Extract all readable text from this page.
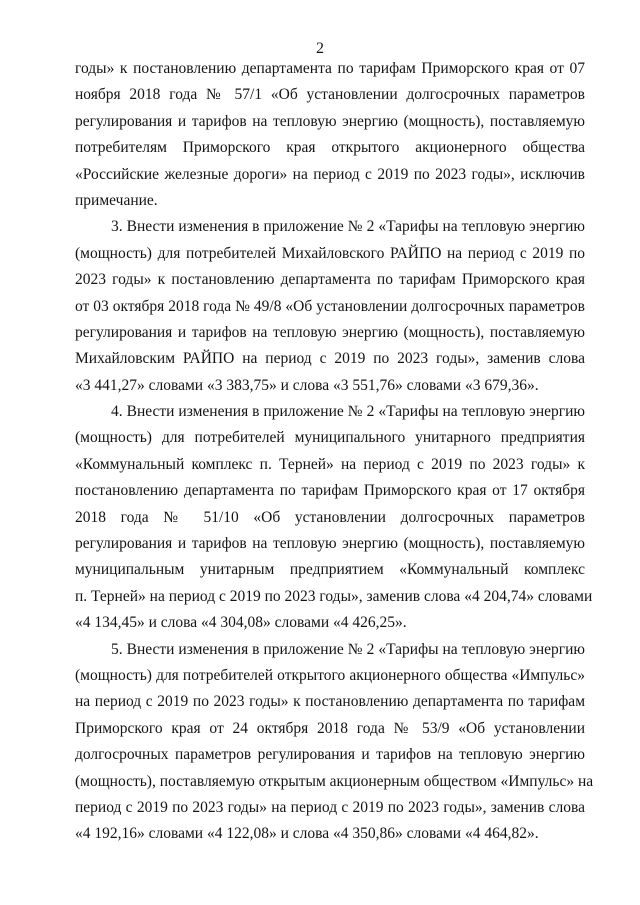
2
годы» к постановлению департамента по тарифам Приморского края от 07
ноября 2018 года № 57/1 «Об установлении долгосрочных параметров
регулирования и тарифов на тепловую энергию (мощность), поставляемую
потребителям Приморского края открытого акционерного общества
«Российские железные дороги» на период с 2019 по 2023 годы», исключив
примечание.
3. Внести изменения в приложение № 2 «Тарифы на тепловую энергию
(мощность) для потребителей Михайловского РАЙПО на период с 2019 по
2023 годы» к постановлению департамента по тарифам Приморского края
от 03 октября 2018 года № 49/8 «Об установлении долгосрочных параметров
регулирования и тарифов на тепловую энергию (мощность), поставляемую
Михайловским РАЙПО на период с 2019 по 2023 годы», заменив слова
«3 441,27» словами «3 383,75» и слова «3 551,76» словами «3 679,36».
4. Внести изменения в приложение № 2 «Тарифы на тепловую энергию
(мощность) для потребителей муниципального унитарного предприятия
«Коммунальный комплекс п. Терней» на период с 2019 по 2023 годы» к
постановлению департамента по тарифам Приморского края от 17 октября
2018 года № 51/10 «Об установлении долгосрочных параметров
регулирования и тарифов на тепловую энергию (мощность), поставляемую
муниципальным унитарным предприятием «Коммунальный комплекс
п. Терней» на период с 2019 по 2023 годы», заменив слова «4 204,74» словами
«4 134,45» и слова «4 304,08» словами «4 426,25».
5. Внести изменения в приложение № 2 «Тарифы на тепловую энергию
(мощность) для потребителей открытого акционерного общества «Импульс»
на период с 2019 по 2023 годы» к постановлению департамента по тарифам
Приморского края от 24 октября 2018 года № 53/9 «Об установлении
долгосрочных параметров регулирования и тарифов на тепловую энергию
(мощность), поставляемую открытым акционерным обществом «Импульс» на
период с 2019 по 2023 годы» на период с 2019 по 2023 годы», заменив слова
«4 192,16» словами «4 122,08» и слова «4 350,86» словами «4 464,82».
